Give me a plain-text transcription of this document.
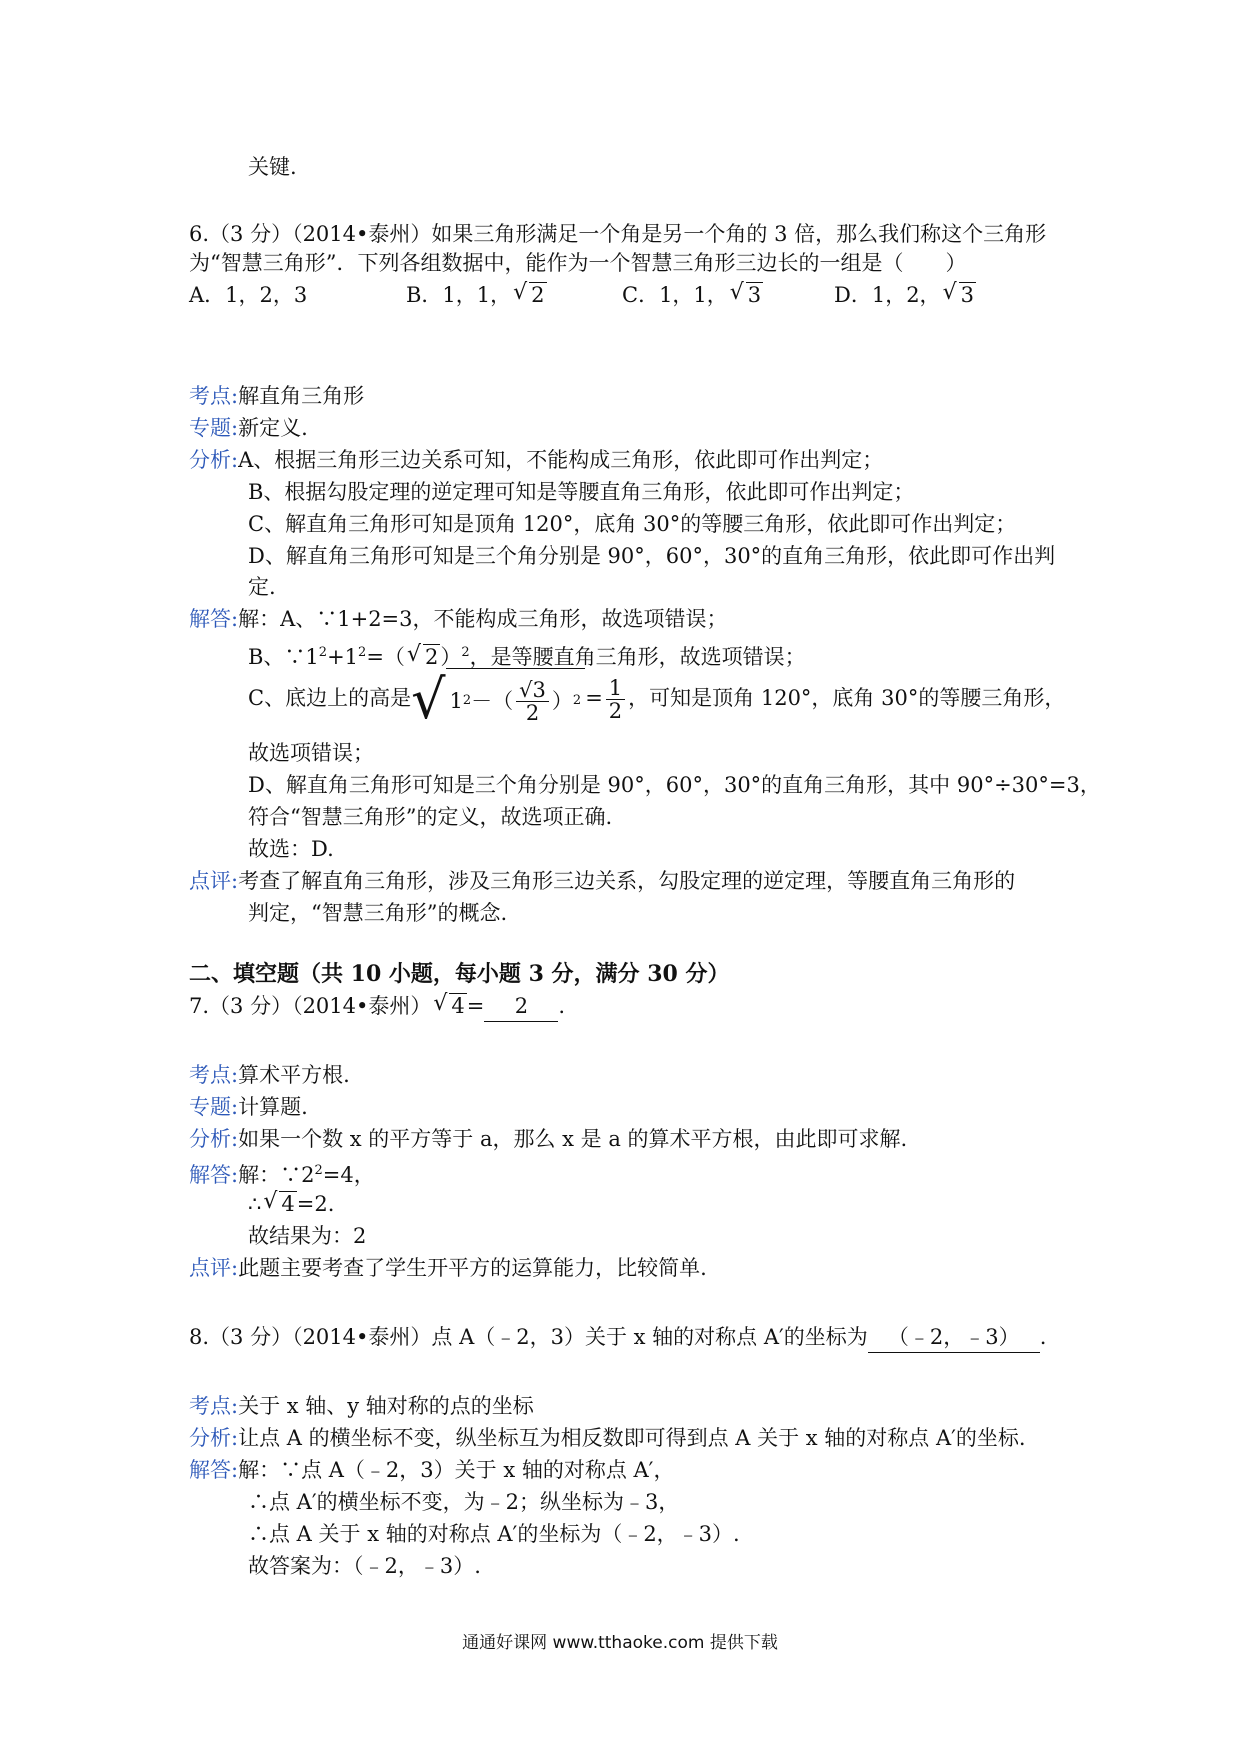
关键.
6.（3 分）（2014•泰州）如果三角形满足一个角是另一个角的 3 倍，那么我们称这个三角形
为“智慧三角形”．下列各组数据中，能作为一个智慧三角形三边长的一组是（　　）
A．1，2，3	B．1，1，√ 2	C．1，1，√ 3	D．1，2，√ 3
考点:解直角三角形
专题:新定义.
分析:A、根据三角形三边关系可知，不能构成三角形，依此即可作出判定；
B、根据勾股定理的逆定理可知是等腰直角三角形，依此即可作出判定；
C、解直角三角形可知是顶角 120°，底角 30°的等腰三角形，依此即可作出判定；
D、解直角三角形可知是三个角分别是 90°，60°，30°的直角三角形，依此即可作出判
定.
解答:解：A、∵1+2=3，不能构成三角形，故选项错误；
B、$\because 1^2+1^2=(√$ 2）$^2$，是等腰直角三角形，故选项错误；
C、底边上的高是 √ 1 2 －（ $\frac{√3}{2}$ ） $2 = \frac{1}{2}$ ，可知是顶角 120°，底角 30°的等腰三角形，
故选项错误；
D、解直角三角形可知是三个角分别是 90°，60°，30°的直角三角形，其中 90°÷30°=3，
符合“智慧三角形”的定义，故选项正确.
故选：D.
点评:考查了解直角三角形，涉及三角形三边关系，勾股定理的逆定理，等腰直角三角形的
判定，“智慧三角形”的概念.
二、填空题（共 10 小题，每小题 3 分，满分 30 分）
7.（3 分）（2014•泰州）√ 4= 2 .
考点:算术平方根.
专题:计算题.
分析:如果一个数 x 的平方等于 a，那么 x 是 a 的算术平方根，由此即可求解.
解答:解：$\because 2^2=4$，
∴√ 4=2.
故结果为：2
点评:此题主要考查了学生开平方的运算能力，比较简单.
8.（3 分）（2014•泰州）点 A（﹣2，3）关于 x 轴的对称点 A′的坐标为 （﹣2，﹣3） .
考点:关于 x 轴、y 轴对称的点的坐标
分析:让点 A 的横坐标不变，纵坐标互为相反数即可得到点 A 关于 x 轴的对称点 A′的坐标.
解答:解：∵点 A（﹣2，3）关于 x 轴的对称点 A′，
∴点 A′的横坐标不变，为﹣2；纵坐标为﹣3，
∴点 A 关于 x 轴的对称点 A′的坐标为（﹣2，﹣3）.
故答案为：（﹣2，﹣3）.
通通好课网 www.tthaoke.com 提供下载
